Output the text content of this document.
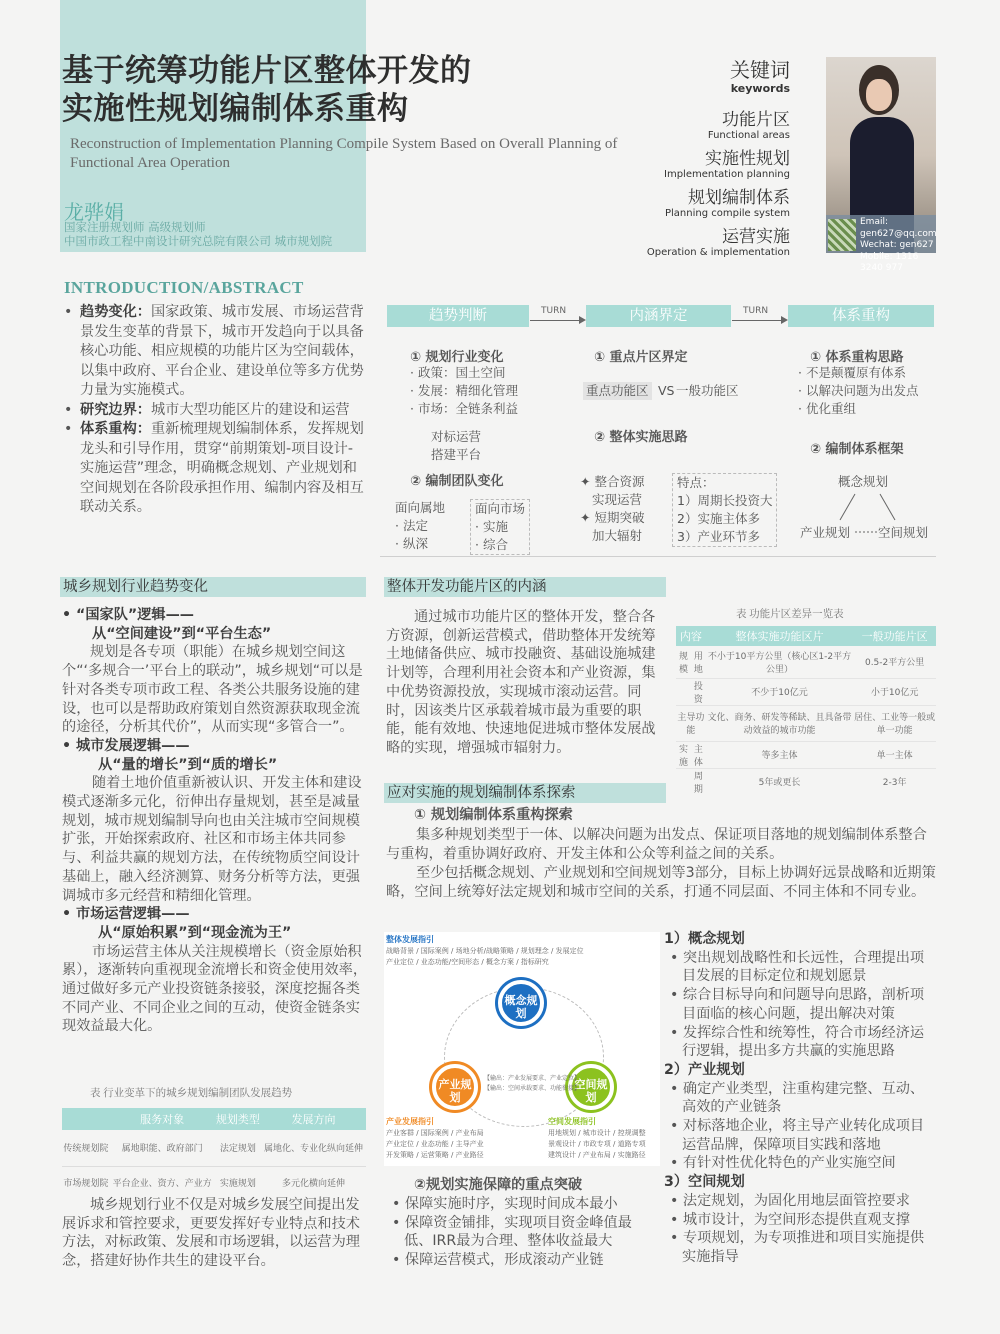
基于统筹功能片区整体开发的
实施性规划编制体系重构
Reconstruction of Implementation Planning Compile System Based on Overall Planning of Functional Area Operation
龙骅娟
国家注册规划师 高级规划师
中国市政工程中南设计研究总院有限公司 城市规划院
关键词
keywords
功能片区
Functional areas
实施性规划
Implementation planning
规划编制体系
Planning compile system
运营实施
Operation & implementation
Email: gen627@qq.com
Wechat: gen627
Mobile: 1316 3240 977
INTRODUCTION/ABSTRACT

• 趋势变化：国家政策、城市发展、市场运营背景发生变革的背景下，城市开发趋向于以具备核心功能、相应规模的功能片区为空间载体，以集中政府、平台企业、建设单位等多方优势力量为实施模式。

• 研究边界：城市大型功能区片的建设和运营

• 体系重构：重新梳理规划编制体系，发挥规划龙头和引导作用，贯穿“前期策划-项目设计-实施运营”理念，明确概念规划、产业规划和空间规划在各阶段承担作用、编制内容及相互联动关系。

趋势判断	内涵界定	体系重构
TURN	TURN
① 规划行业变化
· 政策：国土空间
· 发展：精细化管理
· 市场：全链条利益
对标运营
搭建平台
② 编制团队变化
面向属地
· 法定
· 纵深
面向市场
· 实施
· 综合
① 重点片区界定
重点功能区 VS 一般功能区
② 整体实施思路
✦ 整合资源
实现运营
✦ 短期突破
加大辐射
特点：
1）周期长投资大
2）实施主体多
3）产业环节多
① 体系重构思路
· 不是颠覆原有体系
· 以解决问题为出发点
· 优化重组
② 编制体系框架
概念规划
产业规划 空间规划
城乡规划行业趋势变化
• “国家队”逻辑——
从“空间建设”到“平台生态”
规划是各专项（职能）在城乡规划空间这个“‘多规合一’平台上的联动”，城乡规划“可以是针对各类专项市政工程、各类公共服务设施的建设，也可以是帮助政府策划自然资源获取现金流的途径，分析其代价”，从而实现“多管合一”。
• 城市发展逻辑——
从“量的增长”到“质的增长”
随着土地价值重新被认识、开发主体和建设模式逐渐多元化，衍伸出存量规划，甚至是减量规划，城市规划编制导向也由关注城市空间规模扩张，开始探索政府、社区和市场主体共同参与、利益共赢的规划方法，在传统物质空间设计基础上，融入经济测算、财务分析等方法，更强调城市多元经营和精细化管理。
• 市场运营逻辑——
从“原始积累”到“现金流为王”
市场运营主体从关注规模增长（资金原始积累），逐渐转向重视现金流增长和资金使用效率，通过做好多元产业投资链条接驳，深度挖掘各类不同产业、不同企业之间的互动，使资金链条实现效益最大化。
表 行业变革下的城乡规划编制团队发展趋势
	服务对象	规划类型	发展方向
传统规划院	属地职能、政府部门	法定规划	属地化、专业化纵向延伸
市场规划院	平台企业、资方、产业方	实施规划	多元化横向延伸
城乡规划行业不仅是对城乡发展空间提出发展诉求和管控要求，更要发挥好专业特点和技术方法，对标政策、发展和市场逻辑，以运营为理念，搭建好协作共生的建设平台。
整体开发功能片区的内涵
通过城市功能片区的整体开发，整合各方资源，创新运营模式，借助整体开发统筹土地储备供应、城市投融资、基础设施城建计划等，合理利用社会资本和产业资源，集中优势资源投放，实现城市滚动运营。同时，因该类片区承载着城市最为重要的职能，能有效地、快速地促进城市整体发展战略的实现，增强城市辐射力。
表 功能片区差异一览表
内容		整体实施功能区片	一般功能片区
规模	用地	不小于10平方公里（核心区1-2平方公里）	0.5-2平方公里
	投资	不少于10亿元	小于10亿元
主导功能		文化、商务、研发等稀缺、且具备带动效益的城市功能	居住、工业等一般或单一功能
实施	主体	等多主体	单一主体
	周期	5年或更长	2-3年
应对实施的规划编制体系探索
① 规划编制体系重构探索
集多种规划类型于一体、以解决问题为出发点、保证项目落地的规划编制体系整合与重构，着重协调好政府、开发主体和公众等利益之间的关系。
至少包括概念规划、产业规划和空间规划等3部分，目标上协调好远景战略和近期策略，空间上统筹好法定规划和城市空间的关系，打通不同层面、不同主体和不同专业。
整体发展指引
战略背景 / 国际案例 / 场地分析/战略策略 / 规划理念 / 发展定位
产业定位 / 业态功能/空间形态 / 概念方案 / 指标研究
概念规划
产业规划
空间规划
【输出：产业发展要求、产业定位】
【输出：空间承载要求、功能衔接】
产业发展指引
产业客群 / 国际案例 / 产业布局
产业定位 / 业态功能 / 主导产业
开发策略 / 运营策略 / 产业路径
空间发展指引
用地规划 / 城市设计 / 控规调整
景观设计 / 市政专项 / 道路专项
建筑设计 / 产业布局 / 实施路径
1）概念规划
• 突出规划战略性和长远性，合理提出项目发展的目标定位和规划愿景
• 综合目标导向和问题导向思路，剖析项目面临的核心问题，提出解决对策
• 发挥综合性和统筹性，符合市场经济运行逻辑，提出多方共赢的实施思路
2）产业规划
• 确定产业类型，注重构建完整、互动、高效的产业链条
• 对标落地企业，将主导产业转化成项目运营品牌，保障项目实践和落地
• 有针对性优化特色的产业实施空间
3）空间规划
• 法定规划，为固化用地层面管控要求
• 城市设计，为空间形态提供直观支撑
• 专项规划，为专项推进和项目实施提供实施指导
②规划实施保障的重点突破
• 保障实施时序，实现时间成本最小
• 保障资金铺排，实现项目资金峰值最低、IRR最为合理、整体收益最大
• 保障运营模式，形成滚动产业链
